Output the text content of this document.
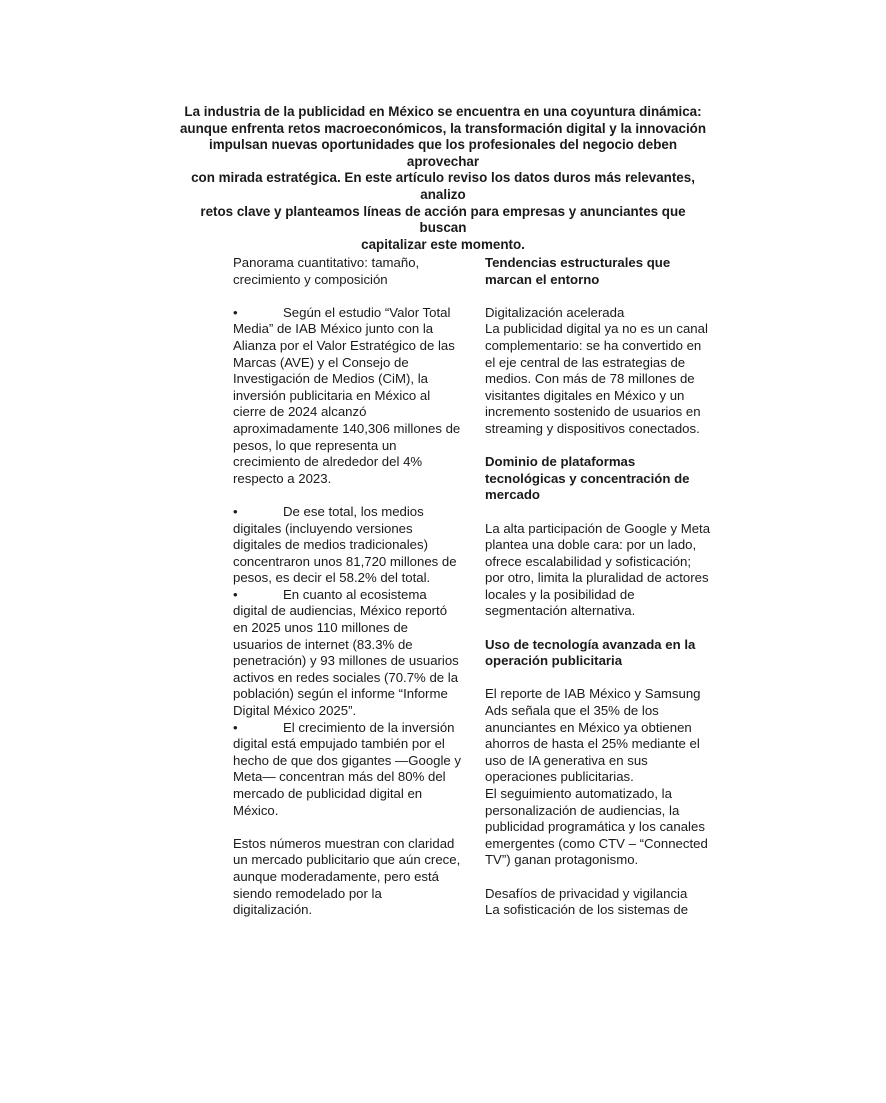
La industria de la publicidad en México se encuentra en una coyuntura dinámica:

aunque enfrenta retos macroeconómicos, la transformación digital y la innovación

impulsan nuevas oportunidades que los profesionales del negocio deben aprovechar

con mirada estratégica. En este artículo reviso los datos duros más relevantes, analizo

retos clave y planteamos líneas de acción para empresas y anunciantes que buscan

capitalizar este momento.

Panorama cuantitativo: tamaño, crecimiento y composición

•	Según el estudio “Valor Total Media” de IAB México junto con la Alianza por el Valor Estratégico de las Marcas (AVE) y el Consejo de Investigación de Medios (CiM), la inversión publicitaria en México al cierre de 2024 alcanzó aproximadamente 140,306 millones de pesos, lo que representa un crecimiento de alrededor del 4% respecto a 2023.

•	De ese total, los medios digitales (incluyendo versiones digitales de medios tradicionales) concentraron unos 81,720 millones de pesos, es decir el 58.2% del total.

•	En cuanto al ecosistema digital de audiencias, México reportó en 2025 unos 110 millones de usuarios de internet (83.3% de penetración) y 93 millones de usuarios activos en redes sociales (70.7% de la población) según el informe “Informe Digital México 2025”.

•	El crecimiento de la inversión digital está empujado también por el hecho de que dos gigantes —Google y Meta— concentran más del 80% del mercado de publicidad digital en México.

Estos números muestran con claridad un mercado publicitario que aún crece, aunque moderadamente, pero está siendo remodelado por la digitalización.

Tendencias estructurales que marcan el entorno

Digitalización acelerada

La publicidad digital ya no es un canal complementario: se ha convertido en el eje central de las estrategias de medios. Con más de 78 millones de visitantes digitales en México y un incremento sostenido de usuarios en streaming y dispositivos conectados.

Dominio de plataformas tecnológicas y concentración de mercado

La alta participación de Google y Meta plantea una doble cara: por un lado, ofrece escalabilidad y sofisticación; por otro, limita la pluralidad de actores locales y la posibilidad de segmentación alternativa.

Uso de tecnología avanzada en la operación publicitaria

El reporte de IAB México y Samsung Ads señala que el 35% de los anunciantes en México ya obtienen ahorros de hasta el 25% mediante el uso de IA generativa en sus operaciones publicitarias.

El seguimiento automatizado, la personalización de audiencias, la publicidad programática y los canales emergentes (como CTV – “Connected TV”) ganan protagonismo.

Desafíos de privacidad y vigilancia

La sofisticación de los sistemas de
